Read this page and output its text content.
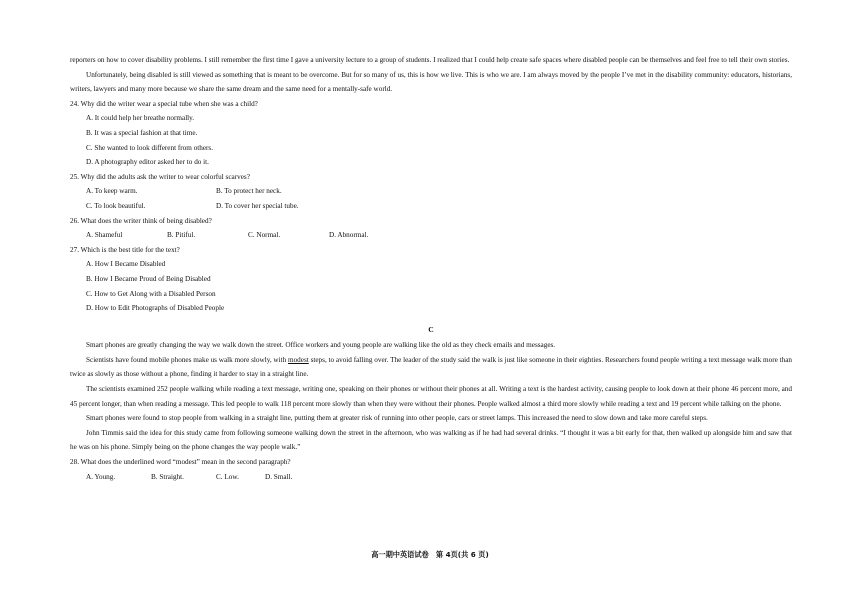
reporters on how to cover disability problems. I still remember the first time I gave a university lecture to a group of students. I realized that I could help create safe spaces where disabled people can be themselves and feel free to tell their own stories.

Unfortunately, being disabled is still viewed as something that is meant to be overcome. But for so many of us, this is how we live. This is who we are. I am always moved by the people I’ve met in the disability community: educators, historians, writers, lawyers and many more because we share the same dream and the same need for a mentally-safe world.

24. Why did the writer wear a special tube when she was a child?

A. It could help her breathe normally.

B. It was a special fashion at that time.

C. She wanted to look different from others.

D. A photography editor asked her to do it.

25. Why did the adults ask the writer to wear colorful scarves?

A. To keep warm.	B. To protect her neck.

C. To look beautiful.	D. To cover her special tube.

26. What does the writer think of being disabled?

A. Shameful	B. Pitiful.	C. Normal.	D. Abnormal.

27. Which is the best title for the text?

A. How I Became Disabled

B. How I Became Proud of Being Disabled

C. How to Get Along with a Disabled Person

D. How to Edit Photographs of Disabled People

C

Smart phones are greatly changing the way we walk down the street. Office workers and young people are walking like the old as they check emails and messages.

Scientists have found mobile phones make us walk more slowly, with modest steps, to avoid falling over. The leader of the study said the walk is just like someone in their eighties. Researchers found people writing a text message walk more than twice as slowly as those without a phone, finding it harder to stay in a straight line.

The scientists examined 252 people walking while reading a text message, writing one, speaking on their phones or without their phones at all. Writing a text is the hardest activity, causing people to look down at their phone 46 percent more, and 45 percent longer, than when reading a message. This led people to walk 118 percent more slowly than when they were without their phones. People walked almost a third more slowly while reading a text and 19 percent while talking on the phone.

Smart phones were found to stop people from walking in a straight line, putting them at greater risk of running into other people, cars or street lamps. This increased the need to slow down and take more careful steps.

John Timmis said the idea for this study came from following someone walking down the street in the afternoon, who was walking as if he had had several drinks. “I thought it was a bit early for that, then walked up alongside him and saw that he was on his phone. Simply being on the phone changes the way people walk.”

28. What does the underlined word “modest” mean in the second paragraph?

A. Young.	B. Straight.	C. Low.	D. Small.

高一期中英语试卷　第 4页(共 6 页)
